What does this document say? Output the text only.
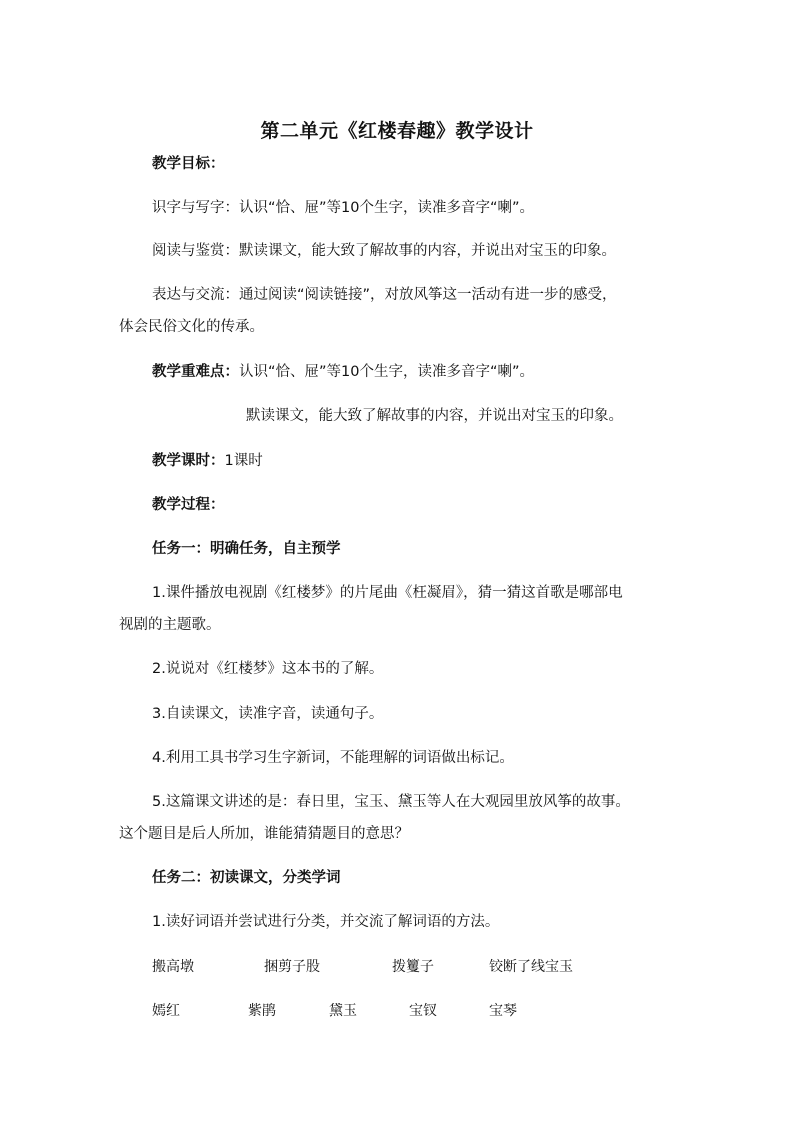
第二单元《红楼春趣》教学设计
教学目标：
识字与写字：认识“恰、屉”等10个生字，读准多音字“喇”。
阅读与鉴赏：默读课文，能大致了解故事的内容，并说出对宝玉的印象。
表达与交流：通过阅读“阅读链接”，对放风筝这一活动有进一步的感受，
体会民俗文化的传承。
教学重难点：认识“恰、屉”等10个生字，读准多音字“喇”。
默读课文，能大致了解故事的内容，并说出对宝玉的印象。
教学课时：1课时
教学过程：
任务一：明确任务，自主预学
1.课件播放电视剧《红楼梦》的片尾曲《枉凝眉》，猜一猜这首歌是哪部电
视剧的主题歌。
2.说说对《红楼梦》这本书的了解。
3.自读课文，读准字音，读通句子。
4.利用工具书学习生字新词，不能理解的词语做出标记。
5.这篇课文讲述的是：春日里，宝玉、黛玉等人在大观园里放风筝的故事。
这个题目是后人所加，谁能猜猜题目的意思？
任务二：初读课文，分类学词
1.读好词语并尝试进行分类，并交流了解词语的方法。
搬高墩	捆剪子股	拨籰子	铰断了线宝玉
嫣红	紫鹃	黛玉	宝钗	宝琴
